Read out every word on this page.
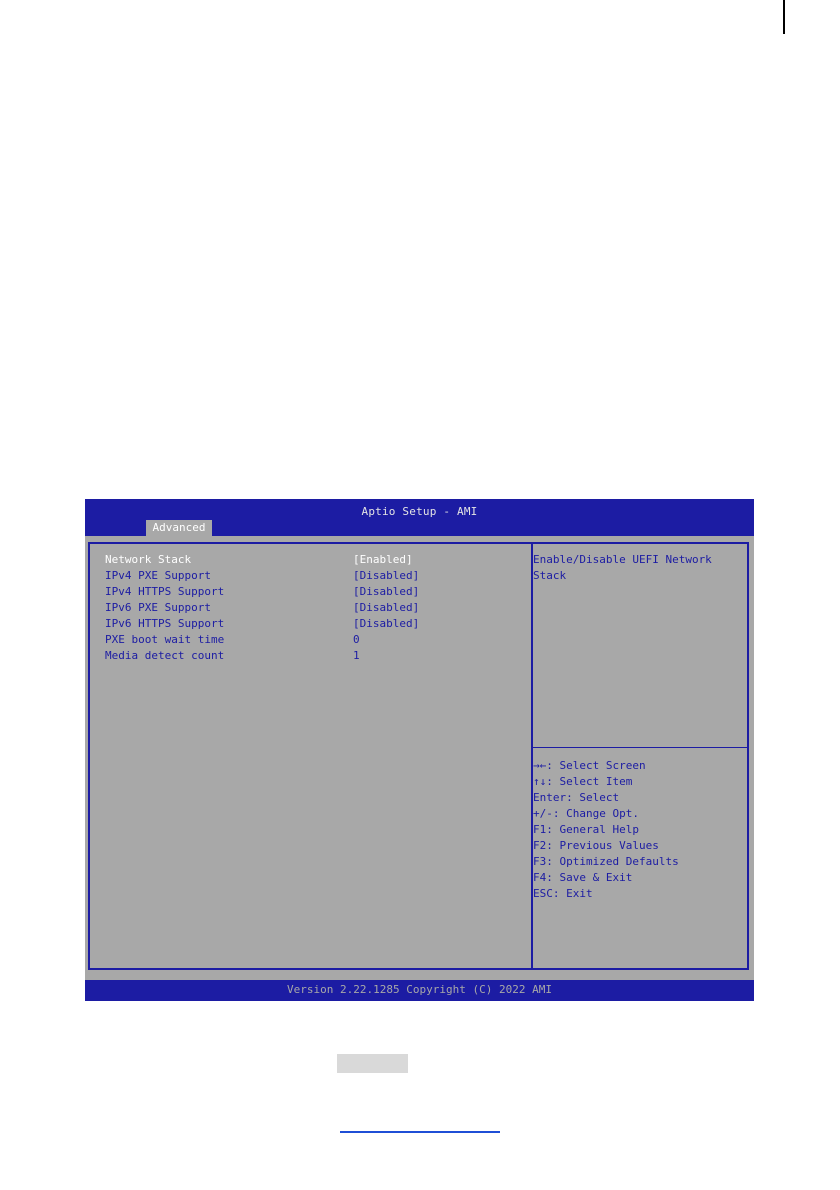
Aptio Setup - AMI
Advanced
Network Stack	[Enabled]
IPv4 PXE Support	[Disabled]
IPv4 HTTPS Support	[Disabled]
IPv6 PXE Support	[Disabled]
IPv6 HTTPS Support	[Disabled]
PXE boot wait time	0
Media detect count	1
Enable/Disable UEFI Network
Stack
→←: Select Screen
↑↓: Select Item
Enter: Select
+/-: Change Opt.
F1: General Help
F2: Previous Values
F3: Optimized Defaults
F4: Save & Exit
ESC: Exit
Version 2.22.1285 Copyright (C) 2022 AMI
